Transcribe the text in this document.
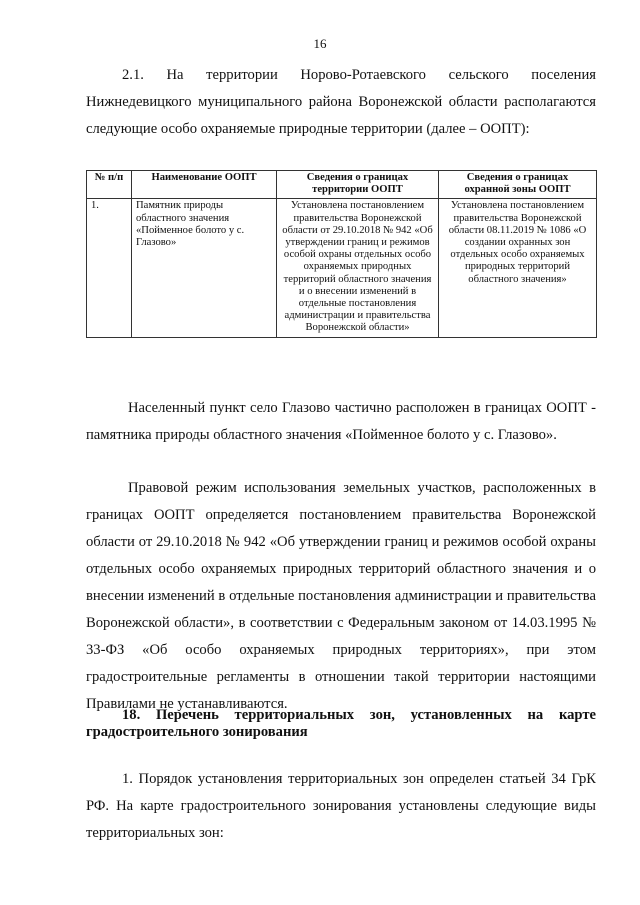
16
2.1. На территории Норово-Ротаевского сельского поселения Нижнедевицкого муниципального района Воронежской области располагаются следующие особо охраняемые природные территории (далее – ООПТ):
№ п/п	Наименование ООПТ	Сведения о границах территории ООПТ	Сведения о границах охранной зоны ООПТ
1.	Памятник природы областного значения «Пойменное болото у с. Глазово»	Установлена постановлением правительства Воронежской области от 29.10.2018 № 942 «Об утверждении границ и режимов особой охраны отдельных особо охраняемых природных территорий областного значения и о внесении изменений в отдельные постановления администрации и правительства Воронежской области»	Установлена постановлением правительства Воронежской области 08.11.2019 № 1086 «О создании охранных зон отдельных особо охраняемых природных территорий областного значения»
Населенный пункт село Глазово частично расположен в границах ООПТ - памятника природы областного значения «Пойменное болото у с. Глазово».
Правовой режим использования земельных участков, расположенных в границах ООПТ определяется постановлением правительства Воронежской области от 29.10.2018 № 942 «Об утверждении границ и режимов особой охраны отдельных особо охраняемых природных территорий областного значения и о внесении изменений в отдельные постановления администрации и правительства Воронежской области», в соответствии с Федеральным законом от 14.03.1995 № 33-ФЗ «Об особо охраняемых природных территориях», при этом градостроительные регламенты в отношении такой территории настоящими Правилами не устанавливаются.
18. Перечень территориальных зон, установленных на карте градостроительного зонирования
1. Порядок установления территориальных зон определен статьей 34 ГрК РФ. На карте градостроительного зонирования установлены следующие виды территориальных зон:
